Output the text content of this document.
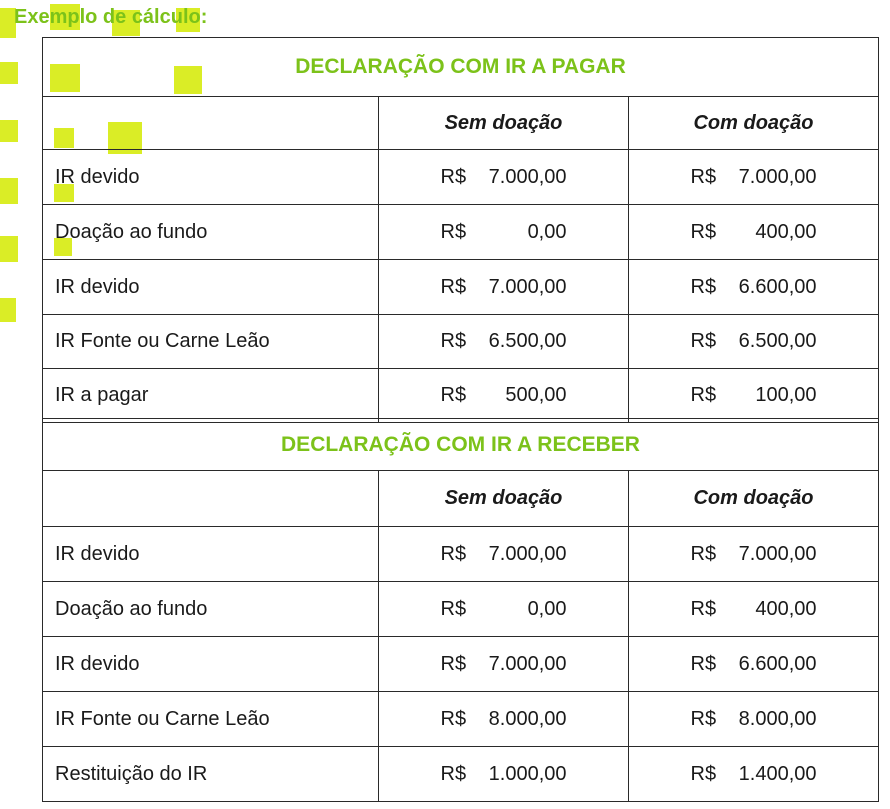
Exemplo de cálculo:
DECLARAÇÃO COM IR A PAGAR		
	Sem doação	Com doação
IR devido	R$ 7.000,00	R$ 7.000,00

Doação ao fundo	R$ 0,00	R$ 400,00

IR devido	R$ 7.000,00	R$ 6.600,00

IR Fonte ou Carne Leão	R$ 6.500,00	R$ 6.500,00

IR a pagar	R$ 500,00	R$ 100,00
DECLARAÇÃO COM IR A RECEBER		
	Sem doação	Com doação
IR devido	R$ 7.000,00	R$ 7.000,00

Doação ao fundo	R$ 0,00	R$ 400,00

IR devido	R$ 7.000,00	R$ 6.600,00

IR Fonte ou Carne Leão	R$ 8.000,00	R$ 8.000,00

Restituição do IR	R$ 1.000,00	R$ 1.400,00
